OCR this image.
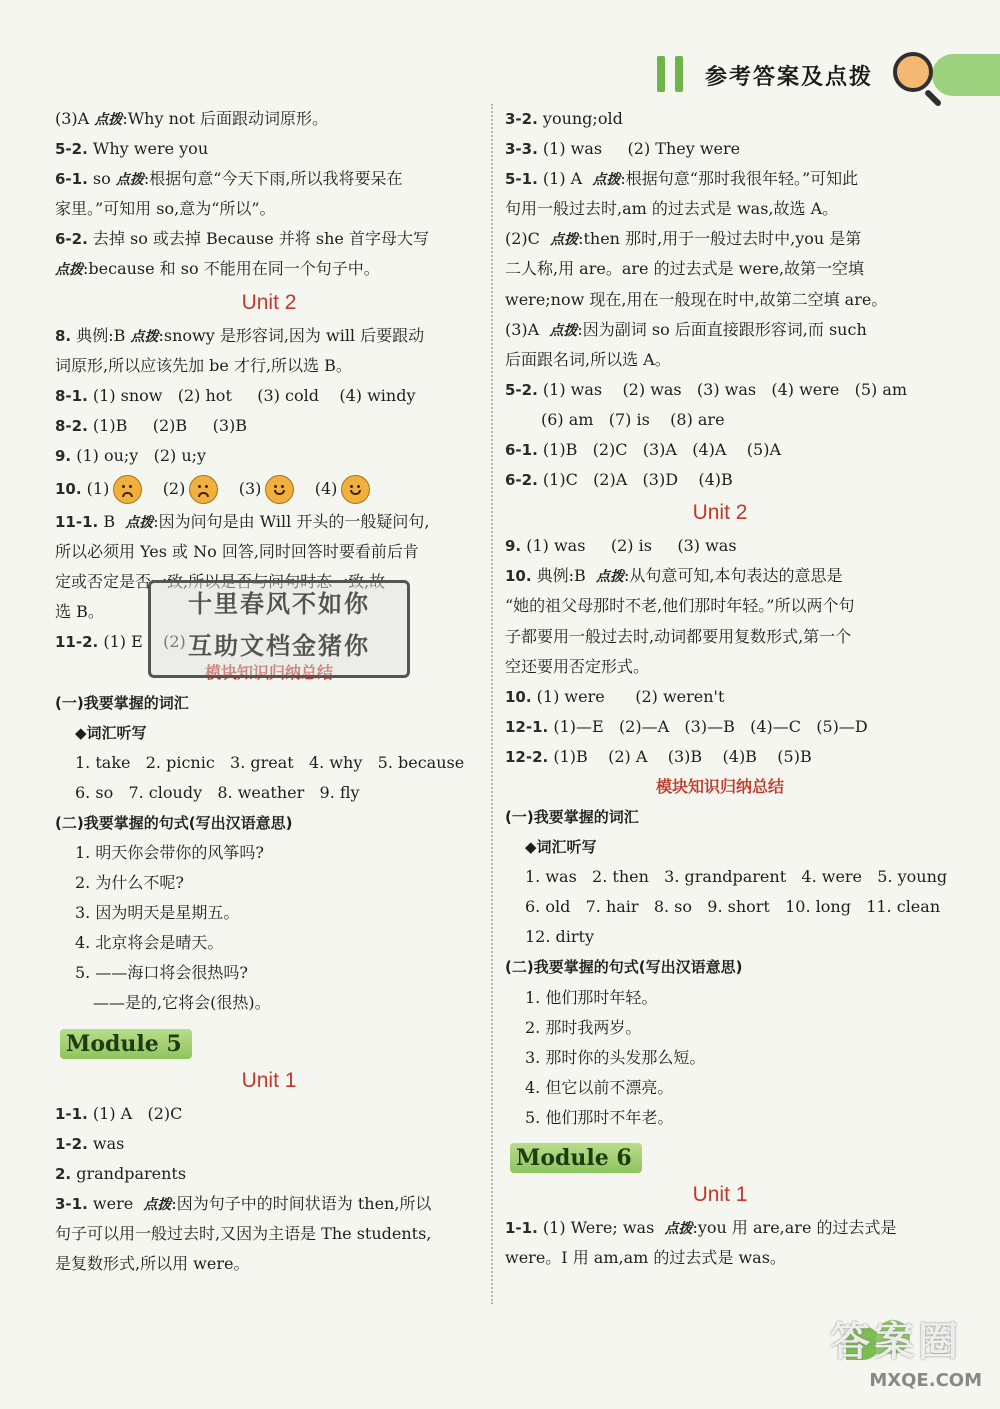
参考答案及点拨
(3)A 点拨:Why not 后面跟动词原形。
5-2. Why were you
6-1. so 点拨:根据句意“今天下雨,所以我将要呆在
家里。”可知用 so,意为“所以”。
6-2. 去掉 so 或去掉 Because 并将 she 首字母大写
点拨:because 和 so 不能用在同一个句子中。
Unit 2
8. 典例:B 点拨:snowy 是形容词,因为 will 后要跟动
词原形,所以应该先加 be 才行,所以选 B。
8-1. (1) snow   (2) hot     (3) cold    (4) windy
8-2. (1)B     (2)B     (3)B
9. (1) ou;y   (2) u;y
10. (1)	(2)	(3)	(4)
11-1. B  点拨:因为问句是由 Will 开头的一般疑问句,
所以必须用 Yes 或 No 回答,同时回答时要看前后肯
定或否定是否一致,所以是否与问句时态一致,故
选 B。
11-2. (1) E    (2)
模块知识归纳总结
(一)我要掌握的词汇
◆词汇听写
1. take   2. picnic   3. great   4. why   5. because
6. so   7. cloudy   8. weather   9. fly
(二)我要掌握的句式(写出汉语意思)
1. 明天你会带你的风筝吗?
2. 为什么不呢?
3. 因为明天是星期五。
4. 北京将会是晴天。
5. ——海口将会很热吗?
——是的,它将会(很热)。
Module 5
Unit 1
1-1. (1) A   (2)C
1-2. was
2. grandparents
3-1. were  点拨:因为句子中的时间状语为 then,所以
句子可以用一般过去时,又因为主语是 The students,
是复数形式,所以用 were。
十里春风不如你
互助文档金猪你
3-2. young;old
3-3. (1) was     (2) They were
5-1. (1) A  点拨:根据句意“那时我很年轻。”可知此
句用一般过去时,am 的过去式是 was,故选 A。
(2)C  点拨:then 那时,用于一般过去时中,you 是第
二人称,用 are。are 的过去式是 were,故第一空填
were;now 现在,用在一般现在时中,故第二空填 are。
(3)A  点拨:因为副词 so 后面直接跟形容词,而 such
后面跟名词,所以选 A。
5-2. (1) was    (2) was   (3) was   (4) were   (5) am
(6) am   (7) is    (8) are
6-1. (1)B   (2)C   (3)A   (4)A    (5)A
6-2. (1)C   (2)A   (3)D    (4)B
Unit 2
9. (1) was     (2) is     (3) was
10. 典例:B  点拨:从句意可知,本句表达的意思是
“她的祖父母那时不老,他们那时年轻。”所以两个句
子都要用一般过去时,动词都要用复数形式,第一个
空还要用否定形式。
10. (1) were      (2) weren't
12-1. (1)—E   (2)—A   (3)—B   (4)—C   (5)—D
12-2. (1)B    (2) A    (3)B    (4)B    (5)B
模块知识归纳总结
(一)我要掌握的词汇
◆词汇听写
1. was   2. then   3. grandparent   4. were   5. young
6. old   7. hair   8. so   9. short   10. long   11. clean
12. dirty
(二)我要掌握的句式(写出汉语意思)
1. 他们那时年轻。
2. 那时我两岁。
3. 那时你的头发那么短。
4. 但它以前不漂亮。
5. 他们那时不年老。
Module 6
Unit 1
1-1. (1) Were; was  点拨:you 用 are,are 的过去式是
were。I 用 am,am 的过去式是 was。
答案圈
MXQE.COM
